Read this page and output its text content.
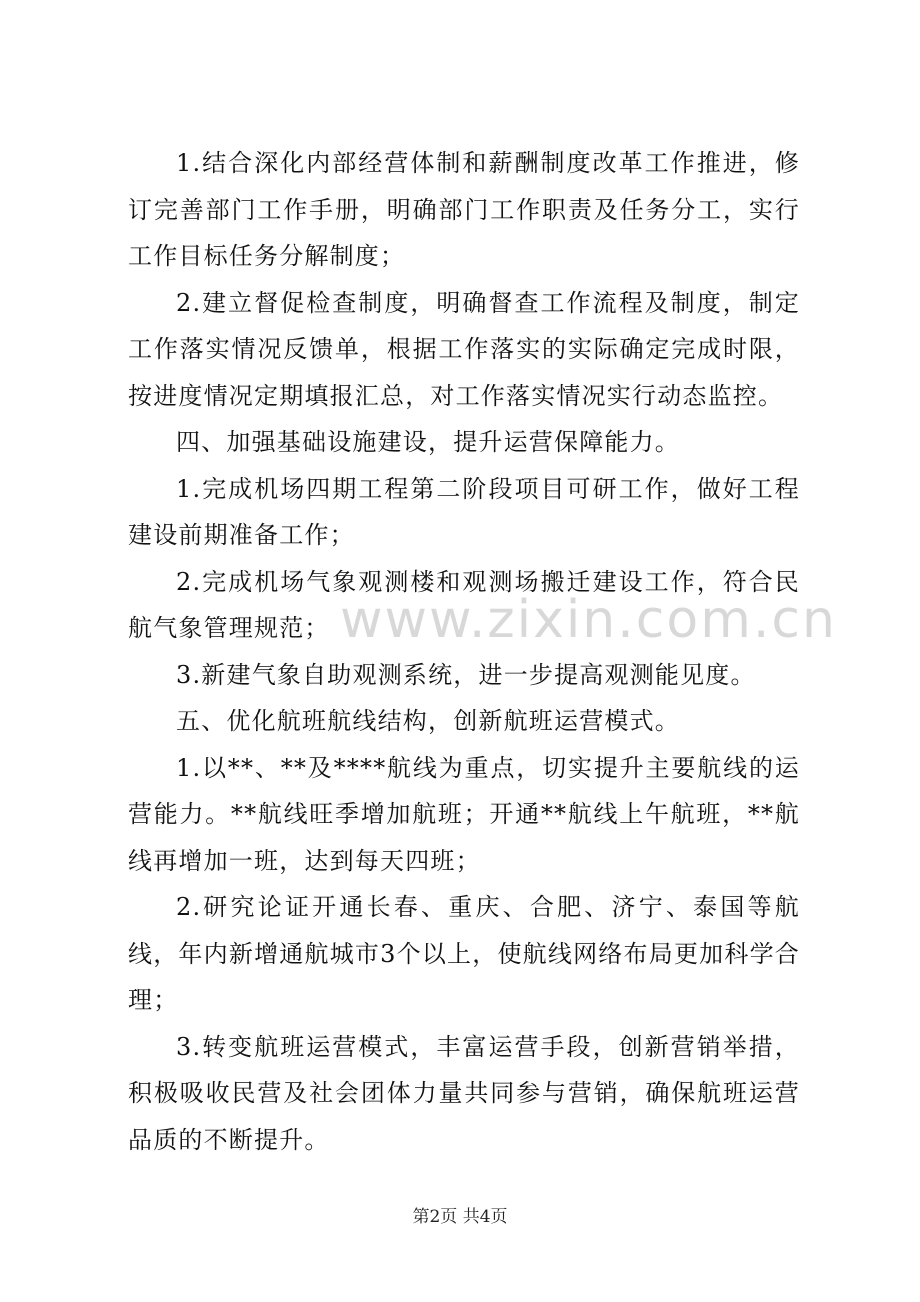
www.zixin.com.cn

1.结合深化内部经营体制和薪酬制度改革工作推进，修订完善部门工作手册，明确部门工作职责及任务分工，实行工作目标任务分解制度；

2.建立督促检查制度，明确督查工作流程及制度，制定工作落实情况反馈单，根据工作落实的实际确定完成时限，按进度情况定期填报汇总，对工作落实情况实行动态监控。

四、加强基础设施建设，提升运营保障能力。

1.完成机场四期工程第二阶段项目可研工作，做好工程建设前期准备工作；

2.完成机场气象观测楼和观测场搬迁建设工作，符合民航气象管理规范；

3.新建气象自助观测系统，进一步提高观测能见度。

五、优化航班航线结构，创新航班运营模式。

1.以**、**及****航线为重点，切实提升主要航线的运营能力。**航线旺季增加航班；开通**航线上午航班，**航线再增加一班，达到每天四班；

2.研究论证开通长春、重庆、合肥、济宁、泰国等航线，年内新增通航城市3个以上，使航线网络布局更加科学合理；

3.转变航班运营模式，丰富运营手段，创新营销举措，积极吸收民营及社会团体力量共同参与营销，确保航班运营品质的不断提升。

第2页 共4页
